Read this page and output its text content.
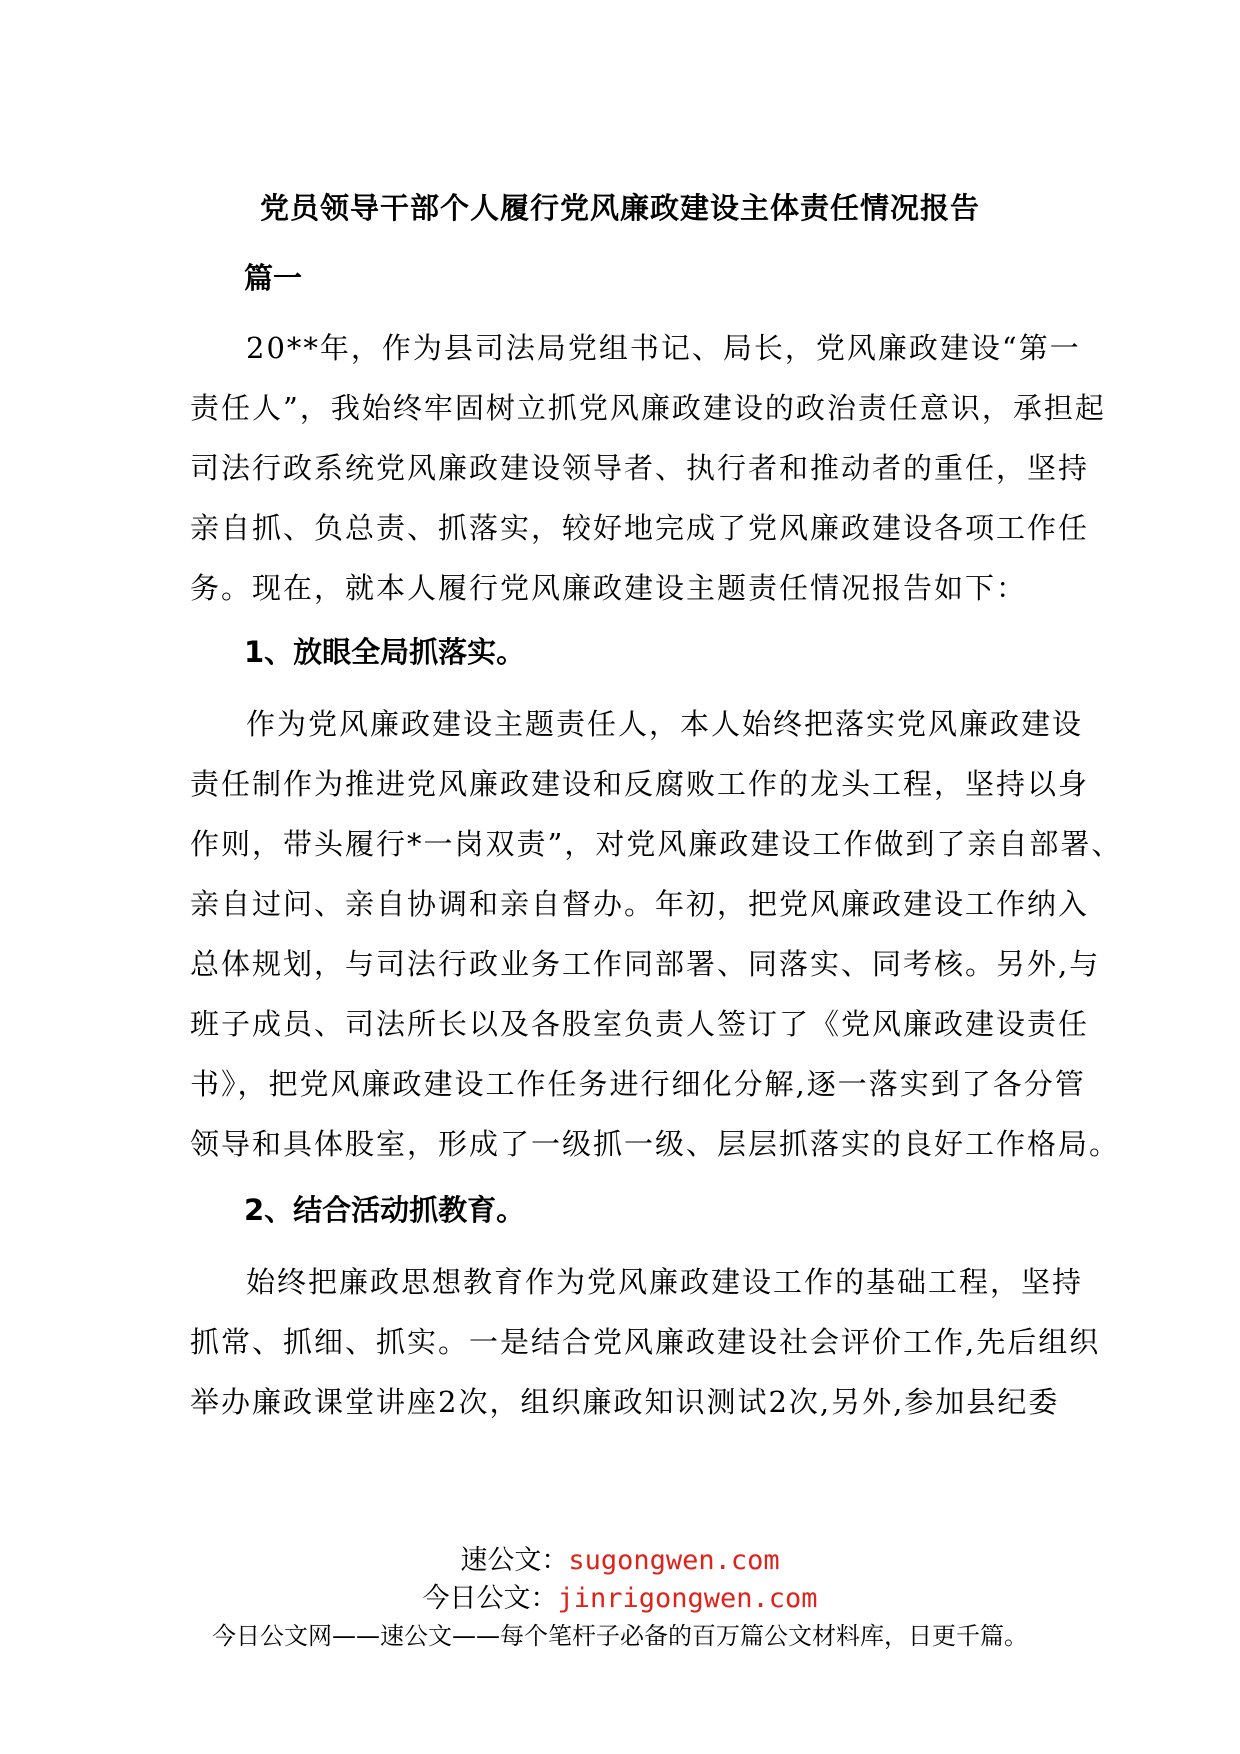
党员领导干部个人履行党风廉政建设主体责任情况报告
篇一
20**年，作为县司法局党组书记、局长，党风廉政建设“第一
责任人”，我始终牢固树立抓党风廉政建设的政治责任意识，承担起
司法行政系统党风廉政建设领导者、执行者和推动者的重任，坚持
亲自抓、负总责、抓落实，较好地完成了党风廉政建设各项工作任
务。现在，就本人履行党风廉政建设主题责任情况报告如下：
1、放眼全局抓落实。
作为党风廉政建设主题责任人，本人始终把落实党风廉政建设
责任制作为推进党风廉政建设和反腐败工作的龙头工程，坚持以身
作则，带头履行*一岗双责”，对党风廉政建设工作做到了亲自部署、
亲自过问、亲自协调和亲自督办。年初，把党风廉政建设工作纳入
总体规划，与司法行政业务工作同部署、同落实、同考核。另外,与
班子成员、司法所长以及各股室负责人签订了《党风廉政建设责任
书》，把党风廉政建设工作任务进行细化分解,逐一落实到了各分管
领导和具体股室，形成了一级抓一级、层层抓落实的良好工作格局。
2、结合活动抓教育。
始终把廉政思想教育作为党风廉政建设工作的基础工程，坚持
抓常、抓细、抓实。一是结合党风廉政建设社会评价工作,先后组织
举办廉政课堂讲座2次，组织廉政知识测试2次,另外,参加县纪委
速公文：sugongwen.com
今日公文：jinrigongwen.com
今日公文网——速公文——每个笔杆子必备的百万篇公文材料库，日更千篇。
